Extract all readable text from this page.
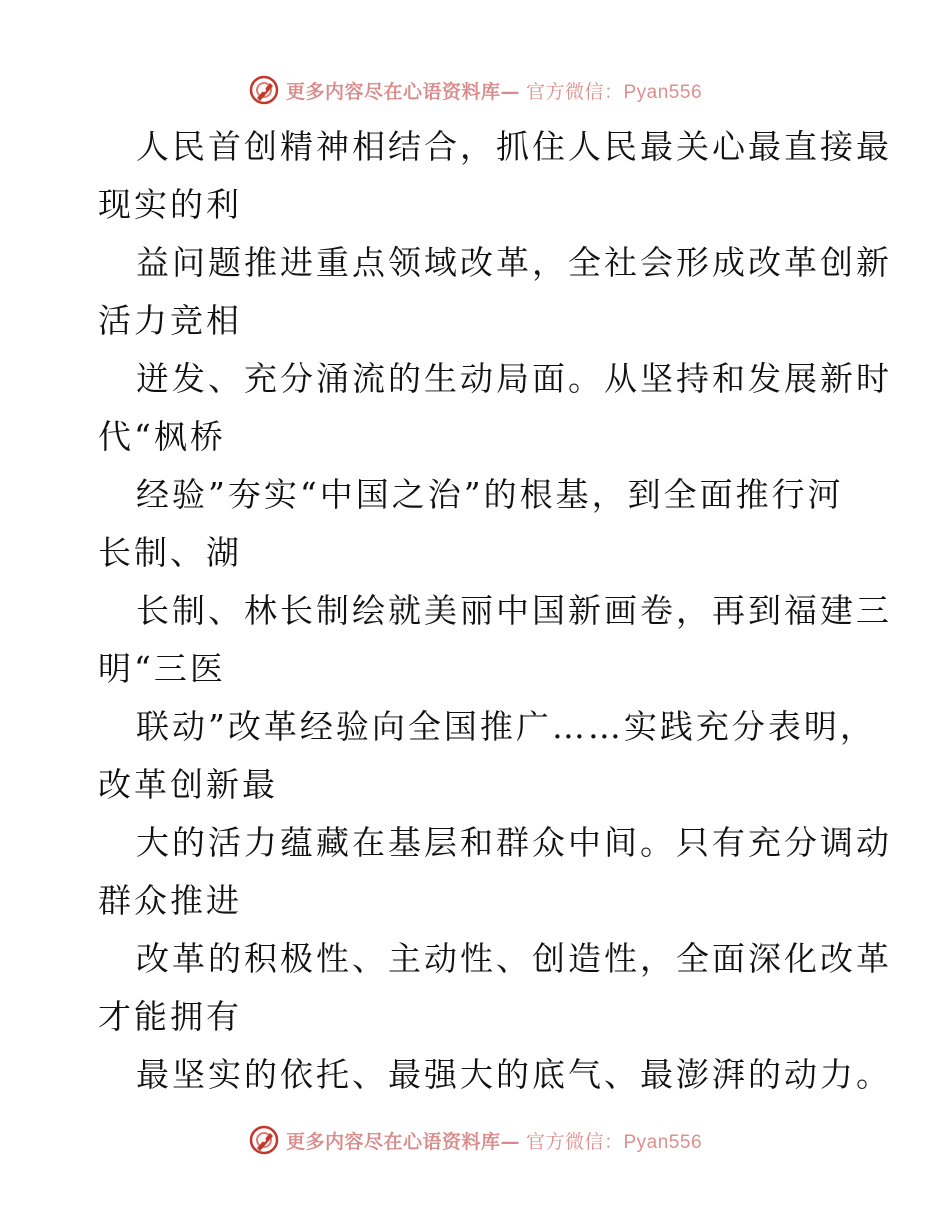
更多内容尽在心语资料库— 官方微信：Pyan556

人民首创精神相结合，抓住人民最关心最直接最

现实的利

益问题推进重点领域改革，全社会形成改革创新

活力竞相

迸发、充分涌流的生动局面。从坚持和发展新时

代“枫桥

经验”夯实“中国之治”的根基，到全面推行河

长制、湖

长制、林长制绘就美丽中国新画卷，再到福建三

明“三医

联动”改革经验向全国推广……实践充分表明，

改革创新最

大的活力蕴藏在基层和群众中间。只有充分调动

群众推进

改革的积极性、主动性、创造性，全面深化改革

才能拥有

最坚实的依托、最强大的底气、最澎湃的动力。

更多内容尽在心语资料库— 官方微信：Pyan556
